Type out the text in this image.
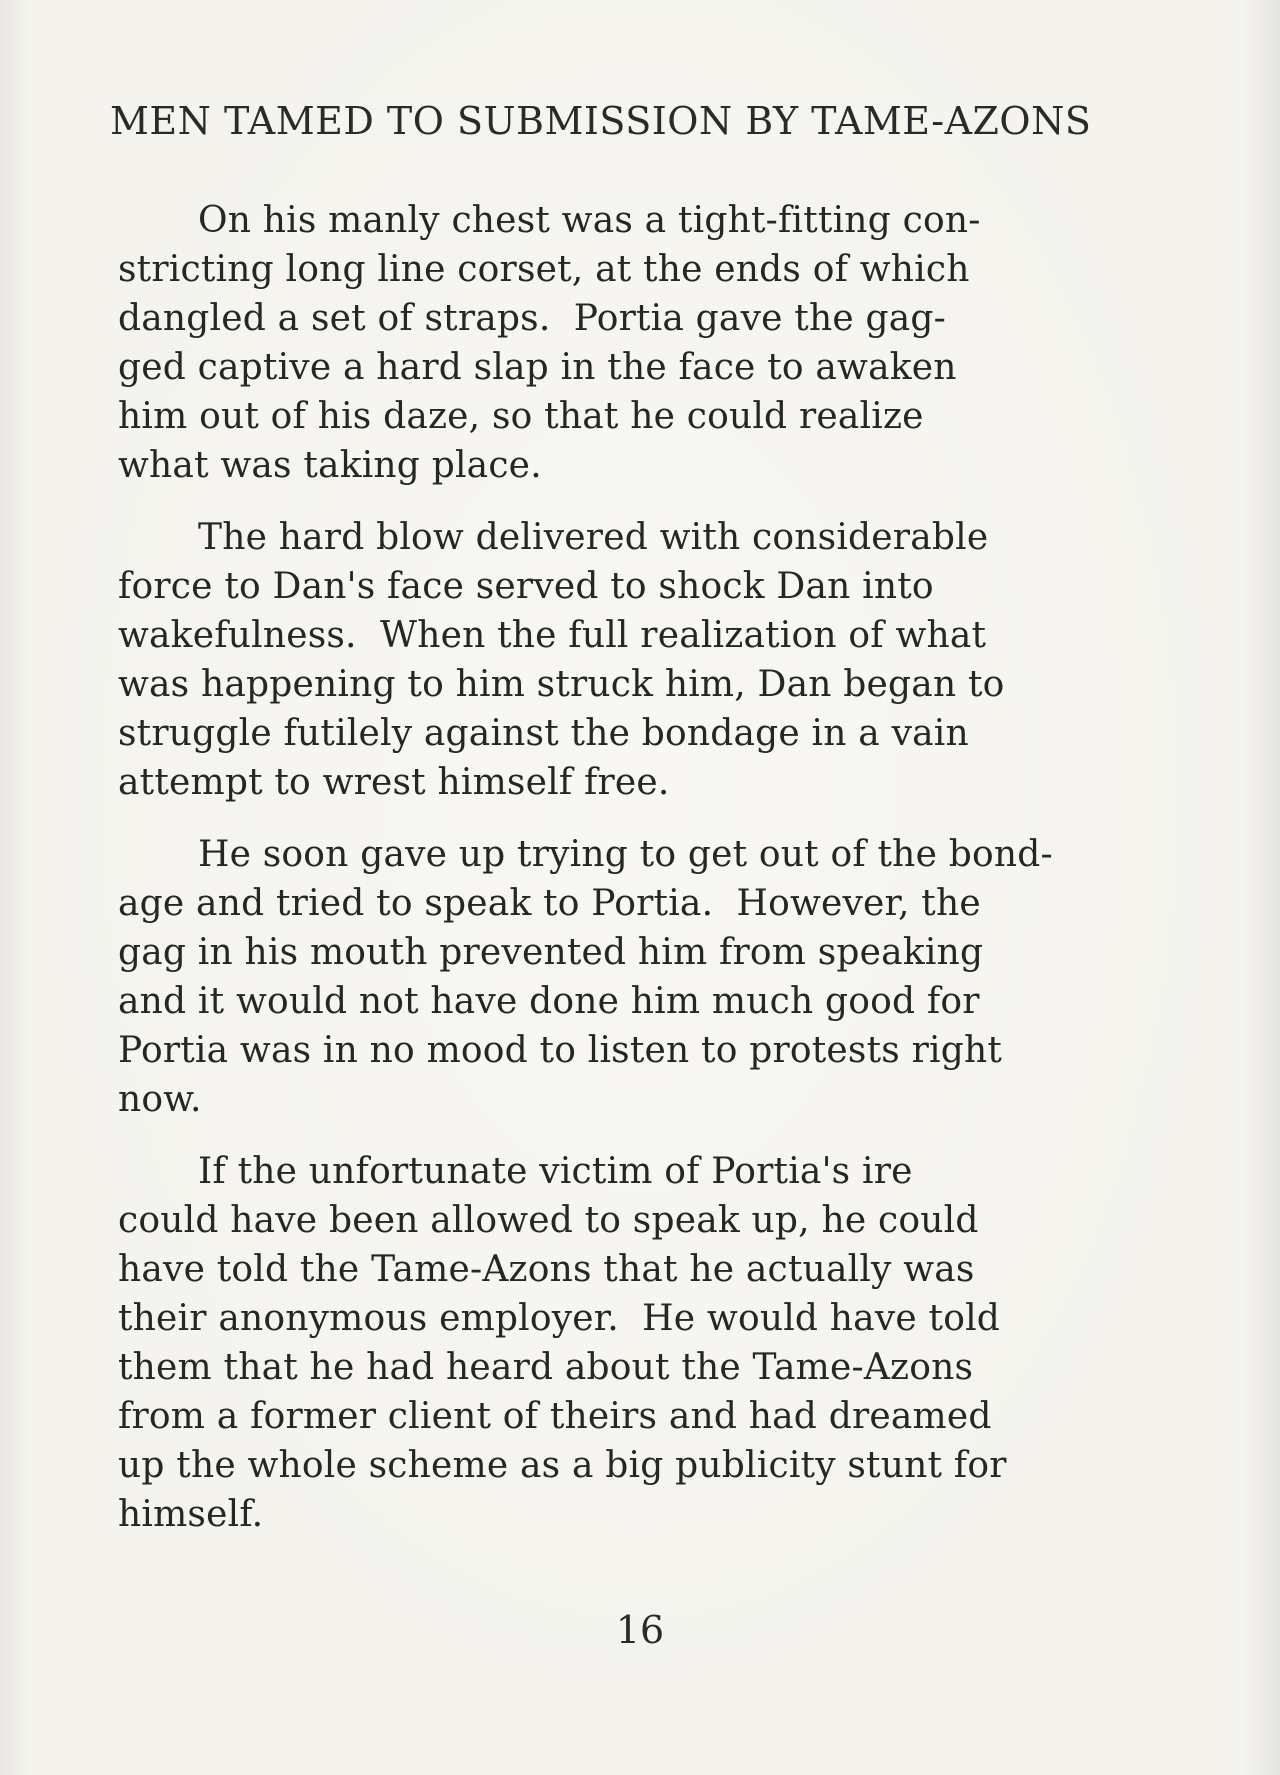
MEN TAMED TO SUBMISSION BY TAME-AZONS
On his manly chest was a tight-fitting con-
stricting long line corset, at the ends of which
dangled a set of straps.  Portia gave the gag-
ged captive a hard slap in the face to awaken
him out of his daze, so that he could realize
what was taking place.
The hard blow delivered with considerable
force to Dan's face served to shock Dan into
wakefulness.  When the full realization of what
was happening to him struck him, Dan began to
struggle futilely against the bondage in a vain
attempt to wrest himself free.
He soon gave up trying to get out of the bond-
age and tried to speak to Portia.  However, the
gag in his mouth prevented him from speaking
and it would not have done him much good for
Portia was in no mood to listen to protests right
now.
If the unfortunate victim of Portia's ire
could have been allowed to speak up, he could
have told the Tame-Azons that he actually was
their anonymous employer.  He would have told
them that he had heard about the Tame-Azons
from a former client of theirs and had dreamed
up the whole scheme as a big publicity stunt for
himself.
16
